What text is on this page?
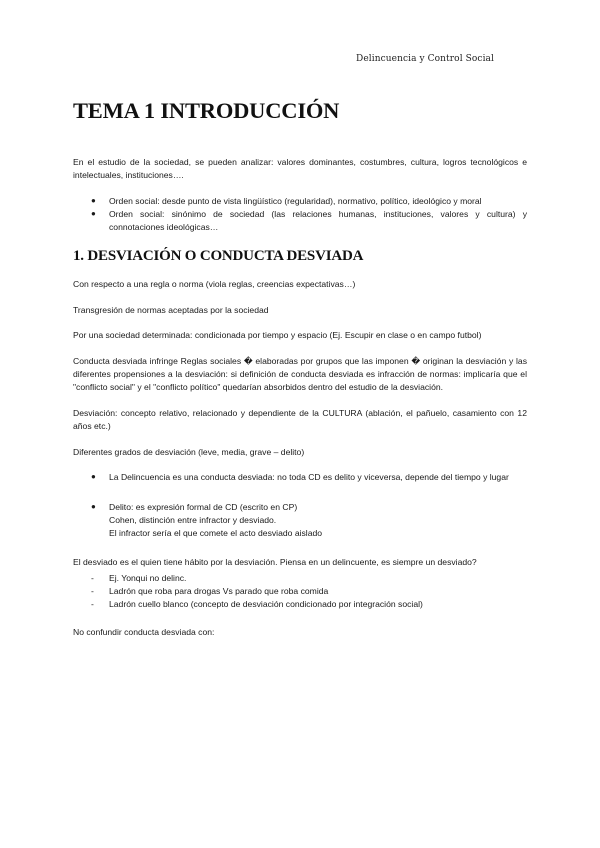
Delincuencia y Control Social
TEMA 1 INTRODUCCIÓN

En el estudio de la sociedad, se pueden analizar: valores dominantes, costumbres, cultura, logros tecnológicos e intelectuales, instituciones….

● Orden social: desde punto de vista lingüístico (regularidad), normativo, político, ideológico y moral
● Orden social: sinónimo de sociedad (las relaciones humanas, instituciones, valores y cultura) y connotaciones ideológicas…
1. DESVIACIÓN O CONDUCTA DESVIADA

Con respecto a una regla o norma (viola reglas, creencias expectativas…)

Transgresión de normas aceptadas por la sociedad

Por una sociedad determinada: condicionada por tiempo y espacio (Ej. Escupir en clase o en campo futbol)

Conducta desviada infringe Reglas sociales � elaboradas por grupos que las imponen � originan la desviación y las diferentes propensiones a la desviación: si definición de conducta desviada es infracción de normas: implicaría que el "conflicto social" y el "conflicto político" quedarían absorbidos dentro del estudio de la desviación.

Desviación: concepto relativo, relacionado y dependiente de la CULTURA (ablación, el pañuelo, casamiento con 12 años etc.)

Diferentes grados de desviación (leve, media, grave – delito)

● La Delincuencia es una conducta desviada: no toda CD es delito y viceversa, depende del tiempo y lugar
● Delito: es expresión formal de CD (escrito en CP)
Cohen, distinción entre infractor y desviado.
El infractor sería el que comete el acto desviado aislado

El desviado es el quien tiene hábito por la desviación. Piensa en un delincuente, es siempre un desviado?

- Ej. Yonqui no delinc.
- Ladrón que roba para drogas Vs parado que roba comida
- Ladrón cuello blanco (concepto de desviación condicionado por integración social)

No confundir conducta desviada con:
